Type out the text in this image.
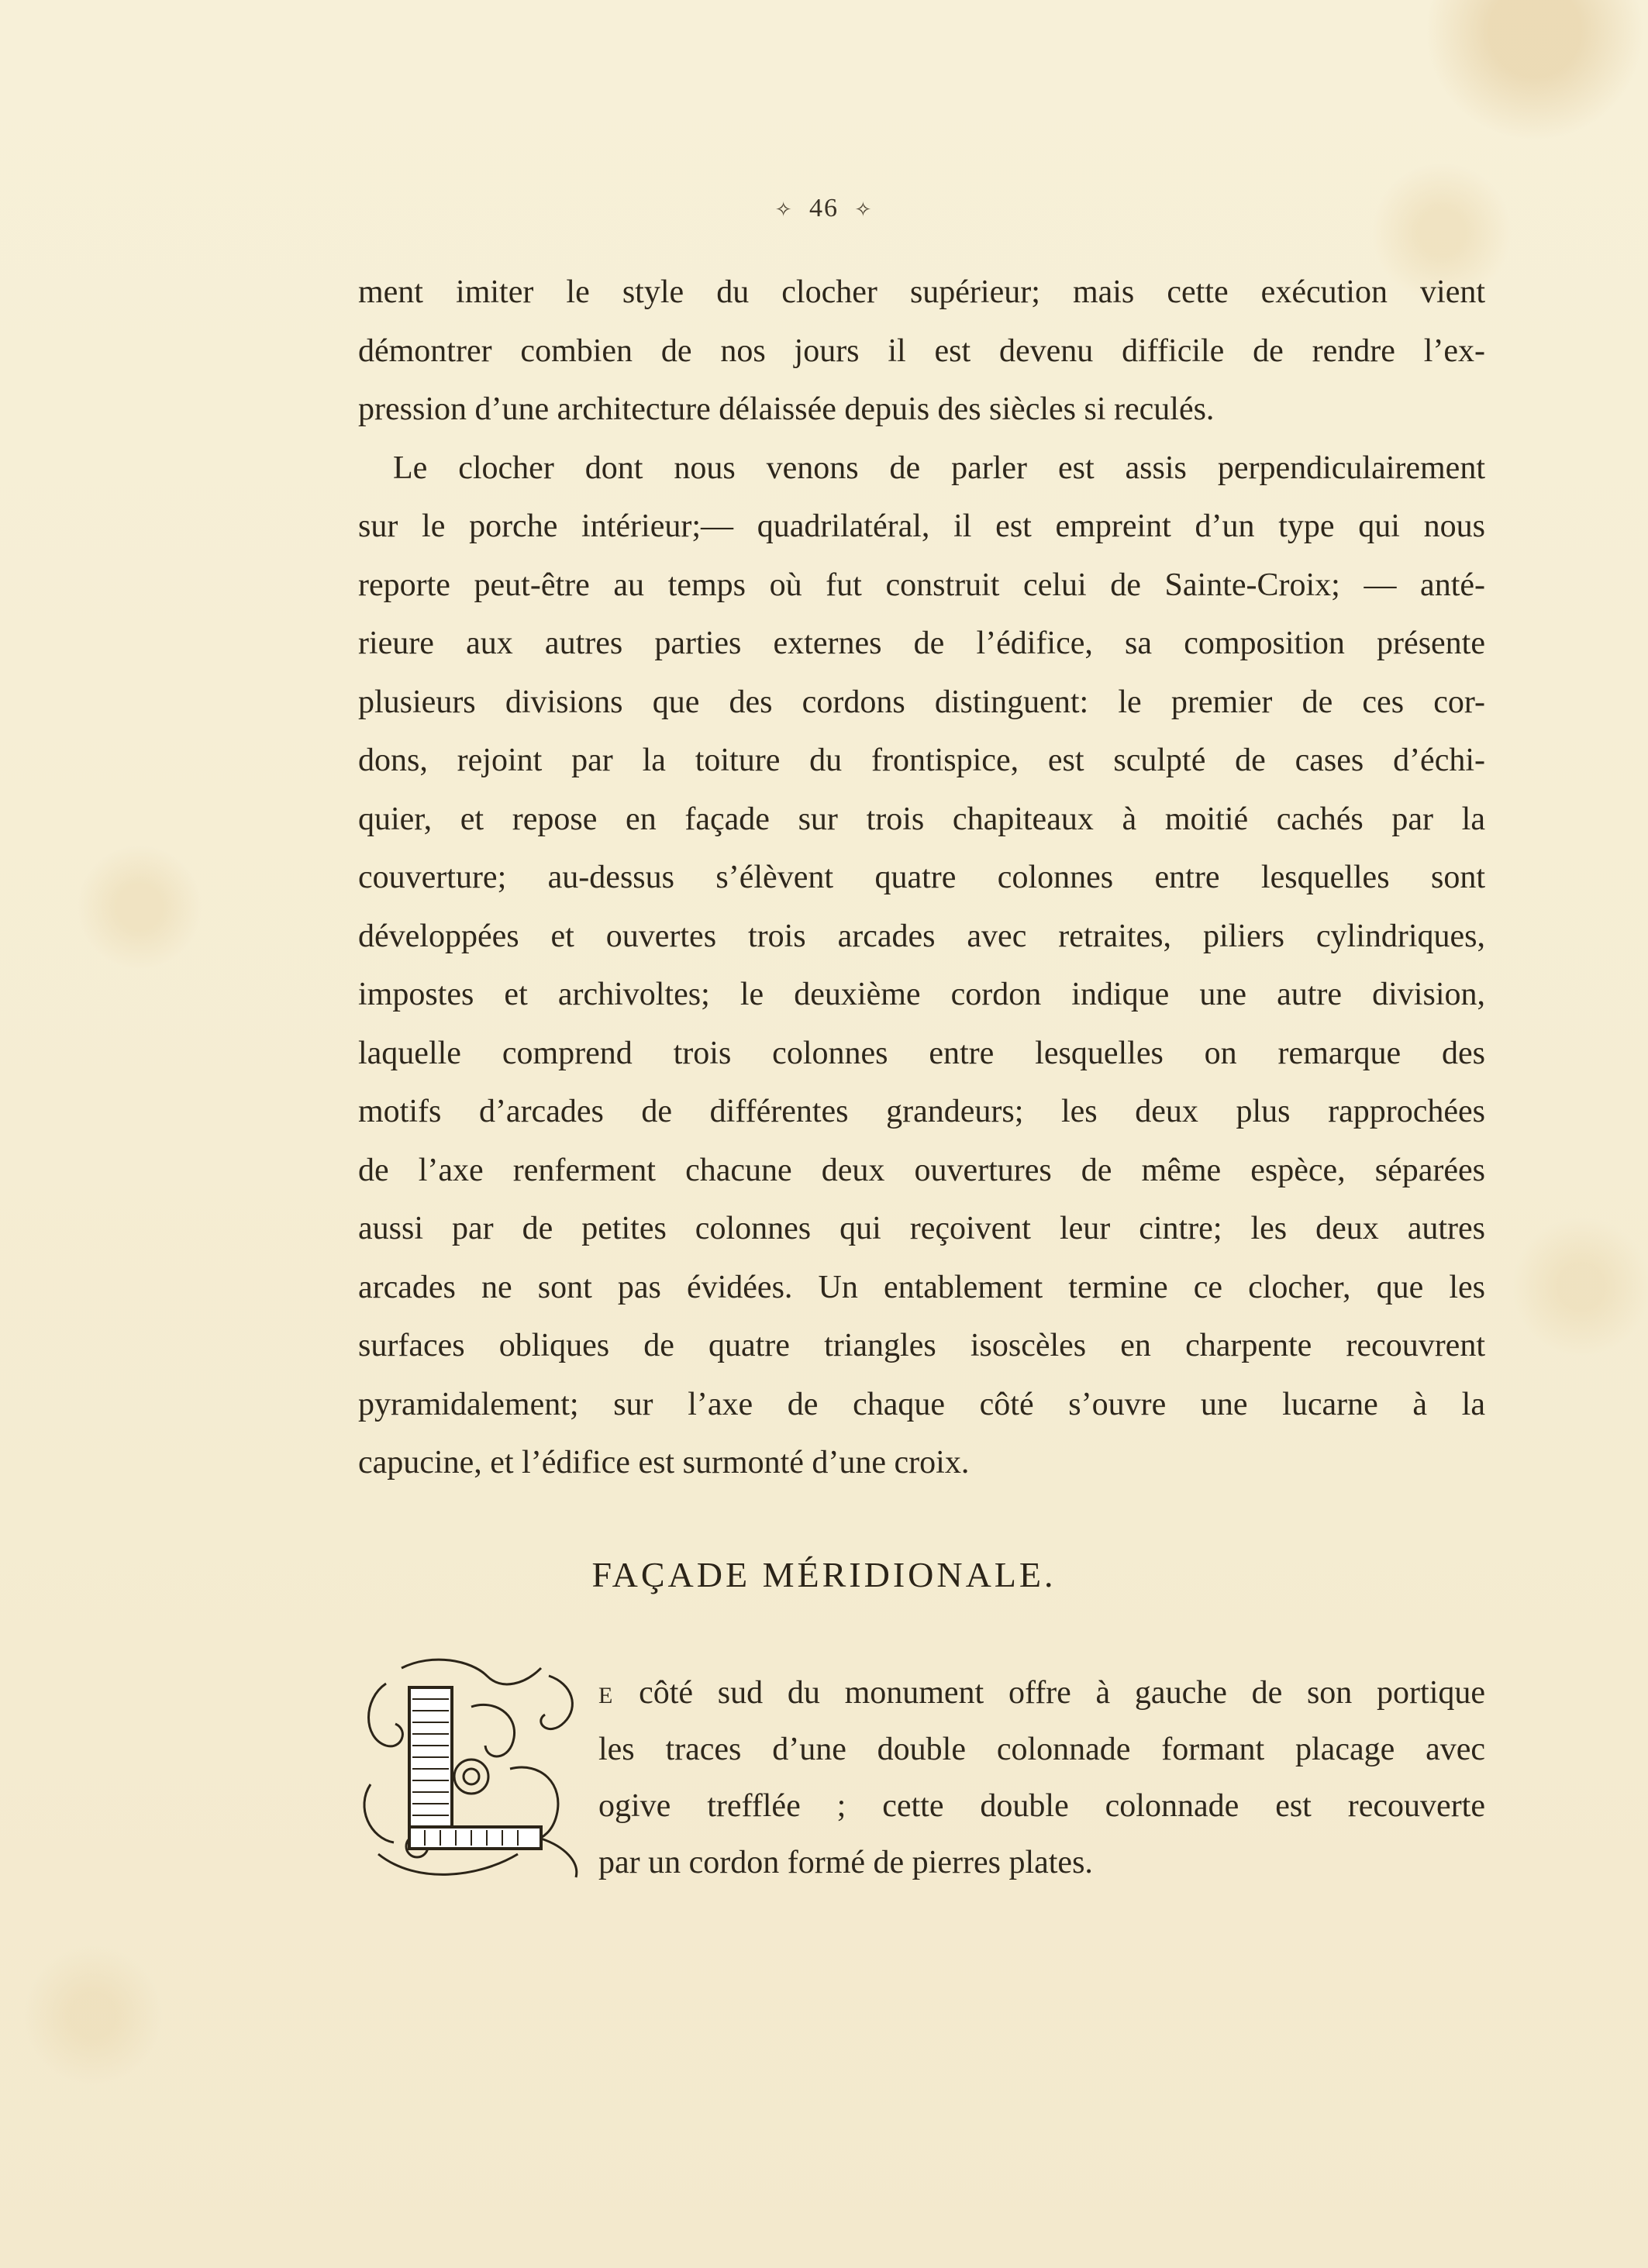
✧ 46 ✧
ment imiter le style du clocher supérieur; mais cette exécution vient
démontrer combien de nos jours il est devenu difficile de rendre l’ex-
pression d’une architecture délaissée depuis des siècles si reculés.
Le clocher dont nous venons de parler est assis perpendiculairement
sur le porche intérieur;— quadrilatéral, il est empreint d’un type qui nous
reporte peut-être au temps où fut construit celui de Sainte-Croix; — anté-
rieure aux autres parties externes de l’édifice, sa composition présente
plusieurs divisions que des cordons distinguent: le premier de ces cor-
dons, rejoint par la toiture du frontispice, est sculpté de cases d’échi-
quier, et repose en façade sur trois chapiteaux à moitié cachés par la
couverture; au-dessus s’élèvent quatre colonnes entre lesquelles sont
développées et ouvertes trois arcades avec retraites, piliers cylindriques,
impostes et archivoltes; le deuxième cordon indique une autre division,
laquelle comprend trois colonnes entre lesquelles on remarque des
motifs d’arcades de différentes grandeurs; les deux plus rapprochées
de l’axe renferment chacune deux ouvertures de même espèce, séparées
aussi par de petites colonnes qui reçoivent leur cintre; les deux autres
arcades ne sont pas évidées. Un entablement termine ce clocher, que les
surfaces obliques de quatre triangles isoscèles en charpente recouvrent
pyramidalement; sur l’axe de chaque côté s’ouvre une lucarne à la
capucine, et l’édifice est surmonté d’une croix.
FAÇADE MÉRIDIONALE.
E côté sud du monument offre à gauche de son portique
les traces d’une double colonnade formant placage avec
ogive trefflée ; cette double colonnade est recouverte
par un cordon formé de pierres plates.
